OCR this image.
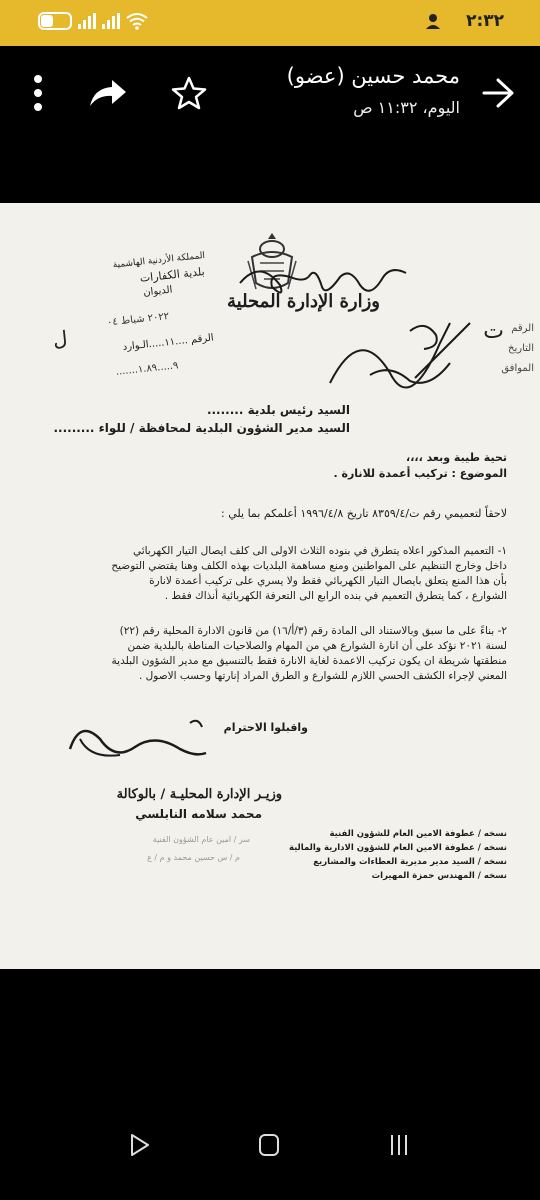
٢:٣٢
محمد حسين (عضو)
اليوم، ١١:٣٢ ص
وزارة الإدارة المحلية
ت الرقم
التاريخ
الموافق
المملكة الأردنية الهاشمية
بلدية الكفارات
الديوان
٢٠٢٢ شباط ٠٤
الرقم ....١١.....الـوارد
٩.....١.٨٩.......
ل
السيد رئيس بلدية ........
السيد مدير الشؤون البلدية لمحافظة / للواء .........
تحية طيبة وبعد ،،،،
الموضوع : تركيب أعمدة للانارة .
لاحقاً لتعميمي رقم ت/٨٣٥٩/٤ تاريخ ١٩٩٦/٤/٨ أعلمكم بما يلي :
١- التعميم المذكور اعلاه يتطرق في بنوده الثلاث الاولى الى كلف ايصال التيار الكهربائي
داخل وخارج التنظيم على المواطنين ومنع مساهمة البلديات بهذه الكلف وهنا يقتضي التوضيح
بأن هذا المنع يتعلق بايصال التيار الكهربائي فقط ولا يسري على تركيب أعمدة لانارة
الشوارع ، كما يتطرق التعميم في بنده الرابع الى التعرفة الكهربائية أنذاك فقط .
٢- بناءً على ما سبق وبالاستناد الى المادة رقم (٣/أ/١٦) من قانون الادارة المحلية رقم (٢٢)
لسنة ٢٠٢١ نؤكد على أن انارة الشوارع هي من المهام والصلاحيات المناطة بالبلدية ضمن
منطقتها شريطة ان يكون تركيب الاعمدة لغاية الانارة فقط بالتنسيق مع مدير الشؤون البلدية
المعني لإجراء الكشف الحسي اللازم للشوارع و الطرق المراد إنارتها وحسب الاصول .
واقبلوا الاحترام
وزيـر الإدارة المحليـة / بالوكالة
محمد سلامه النابلسي
سر / امين عام الشؤون الفنية
م / س حسين محمد و م / ع
نسخه / عطوفة الامين العام للشؤون الفنية
نسخه / عطوفة الامين العام للشؤون الادارية والمالية
نسخه / السيد مدير مديرية العطاءات والمشاريع
نسخه / المهندس حمزة المهيرات
